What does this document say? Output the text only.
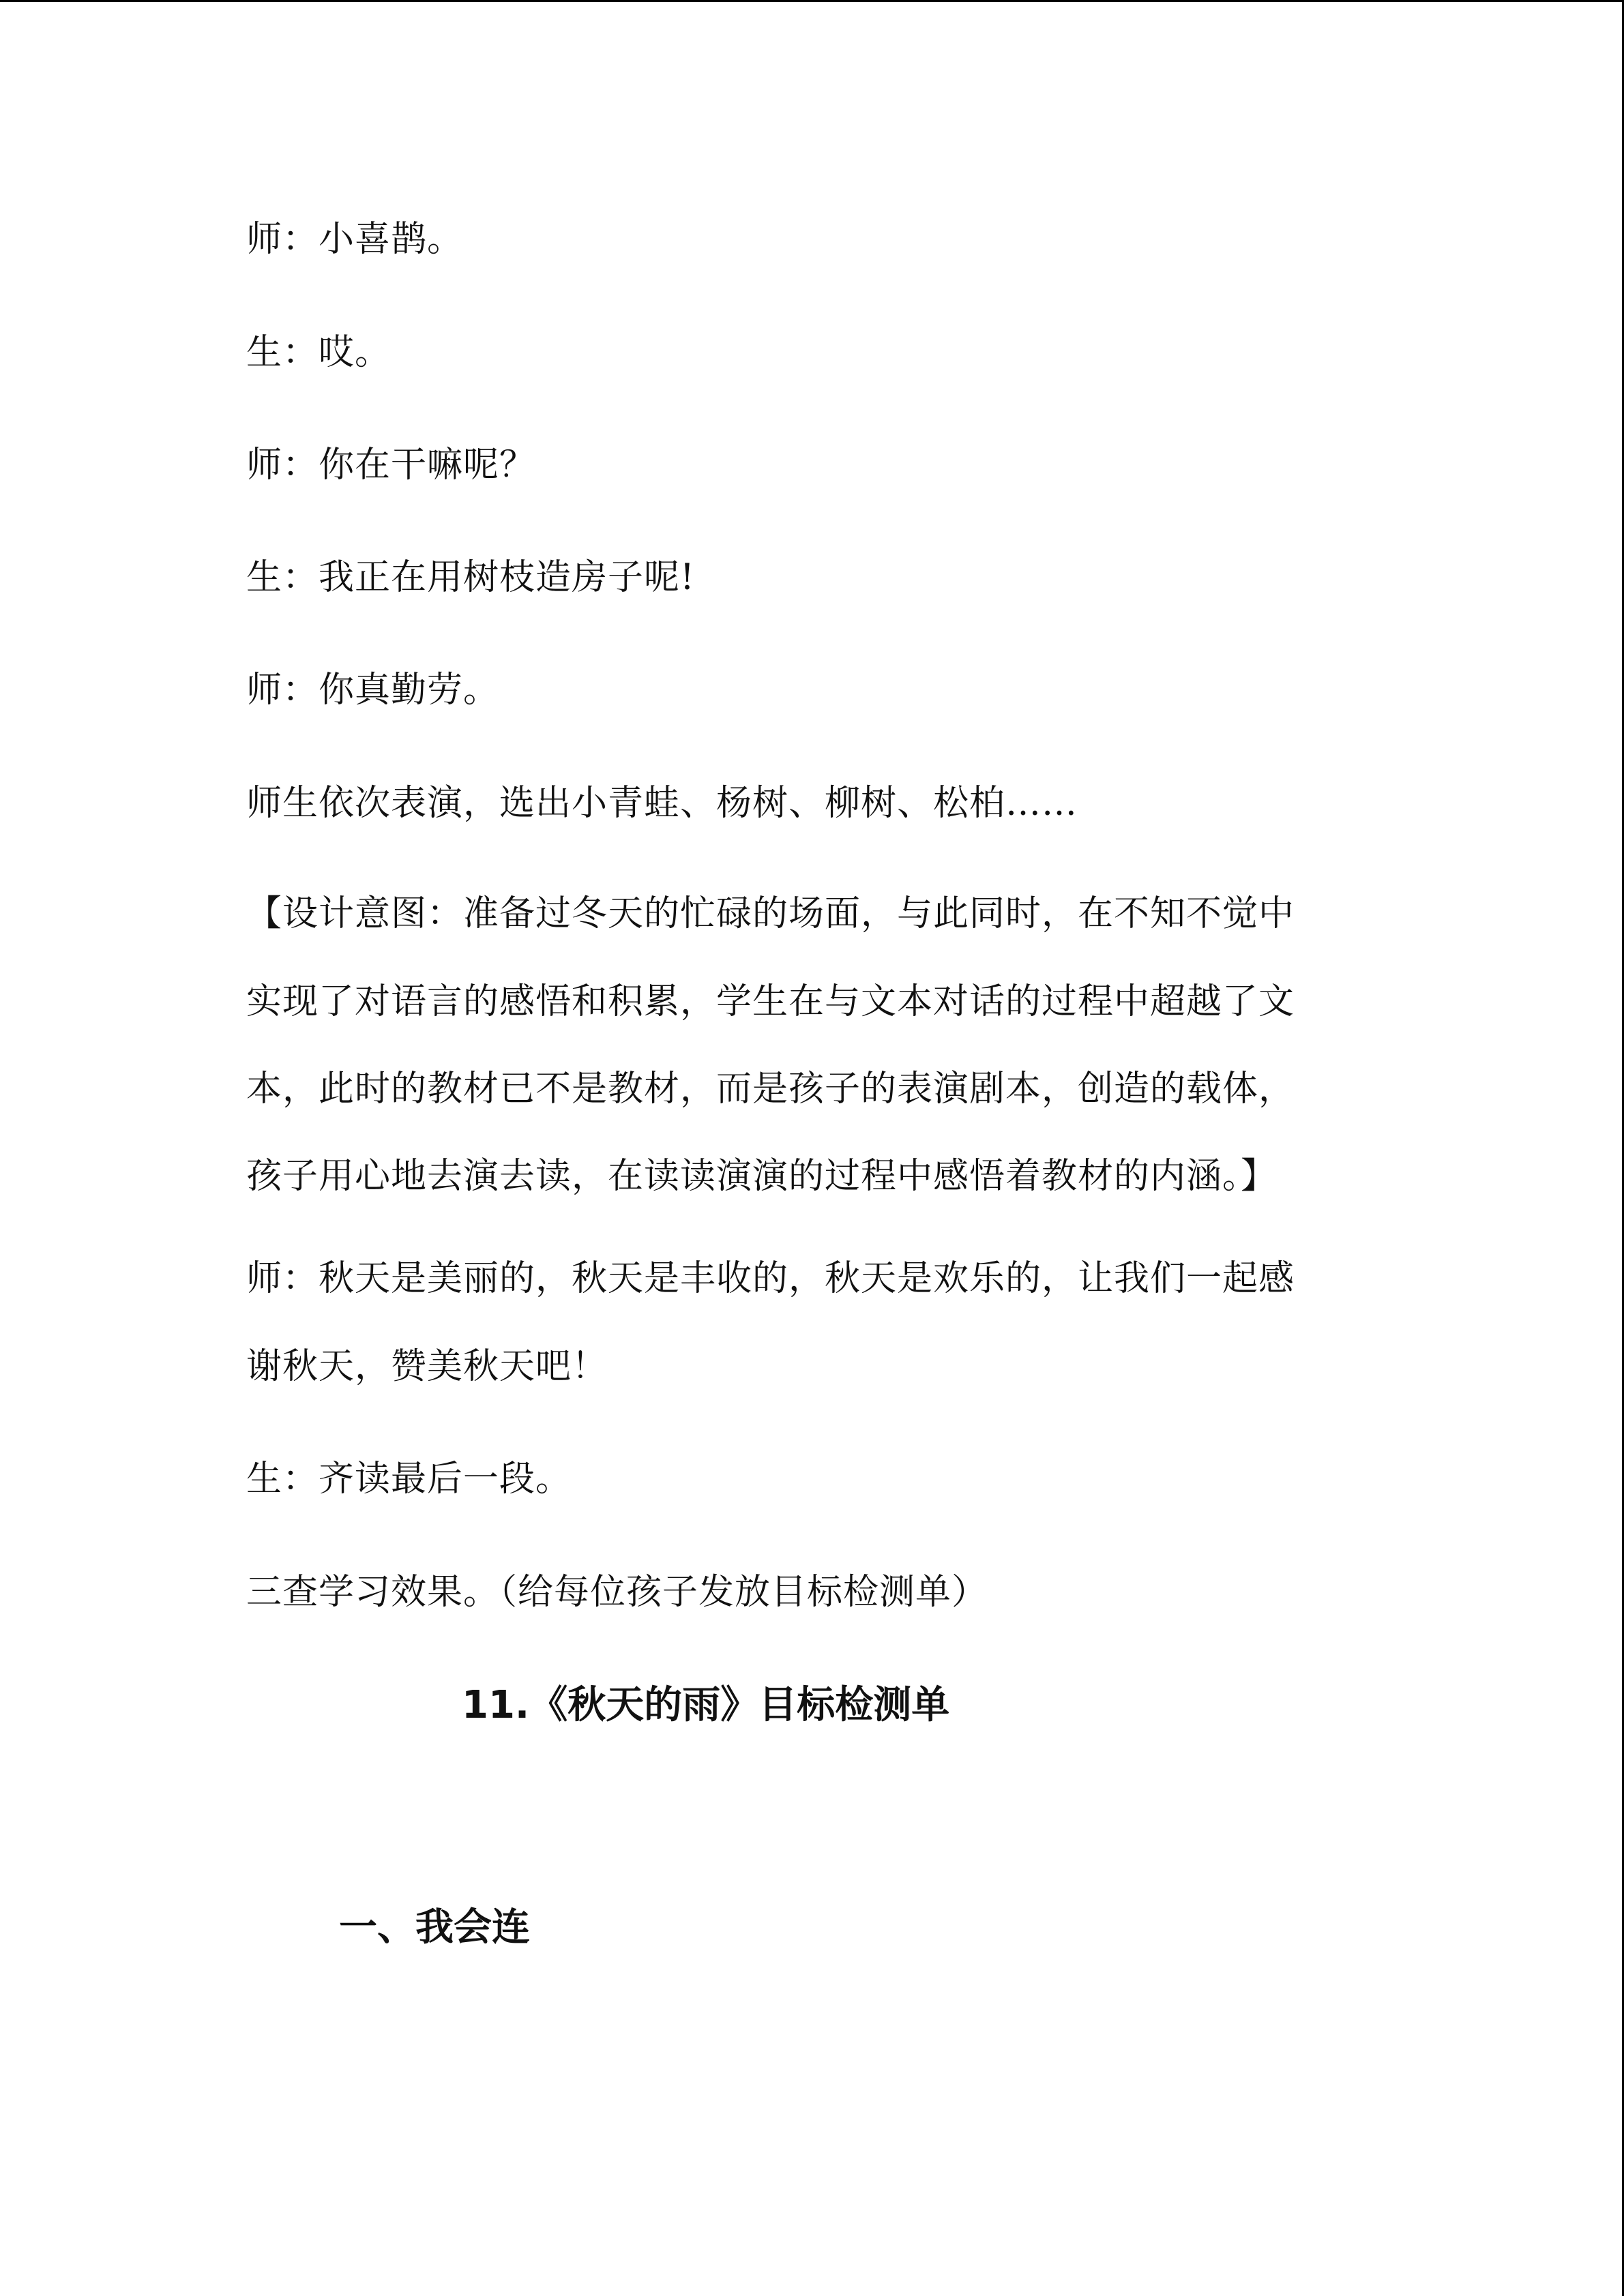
师：小喜鹊。
生：哎。
师：你在干嘛呢？
生：我正在用树枝造房子呢!
师：你真勤劳。
师生依次表演，选出小青蛙、杨树、柳树、松柏……
【设计意图：准备过冬天的忙碌的场面，与此同时，在不知不觉中
实现了对语言的感悟和积累，学生在与文本对话的过程中超越了文
本，此时的教材已不是教材，而是孩子的表演剧本，创造的载体，
孩子用心地去演去读，在读读演演的过程中感悟着教材的内涵。】
师：秋天是美丽的，秋天是丰收的，秋天是欢乐的，让我们一起感
谢秋天，赞美秋天吧！
生：齐读最后一段。
三查学习效果。（给每位孩子发放目标检测单）
11.《秋天的雨》目标检测单
一、我会连
